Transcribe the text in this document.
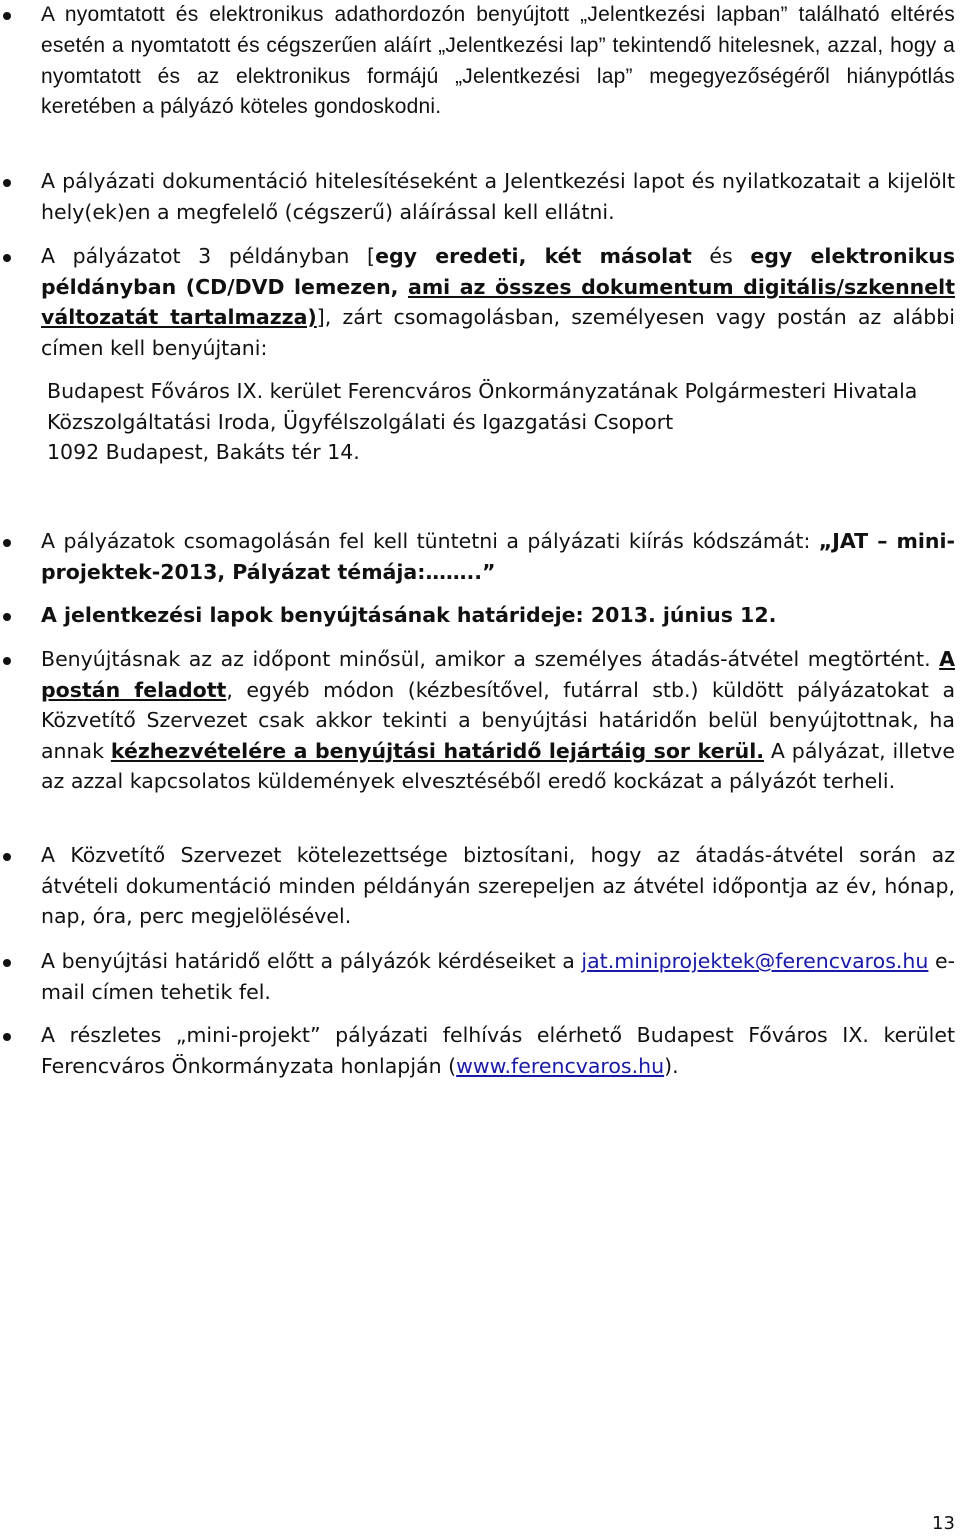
A nyomtatott és elektronikus adathordozón benyújtott „Jelentkezési lapban” található eltérés esetén a nyomtatott és cégszerűen aláírt „Jelentkezési lap” tekintendő hitelesnek, azzal, hogy a nyomtatott és az elektronikus formájú „Jelentkezési lap” megegyezőségéről hiánypótlás keretében a pályázó köteles gondoskodni.
A pályázati dokumentáció hitelesítéseként a Jelentkezési lapot és nyilatkozatait a kijelölt hely(ek)en a megfelelő (cégszerű) aláírással kell ellátni.
A pályázatot 3 példányban [egy eredeti, két másolat és egy elektronikus példányban (CD/DVD lemezen, ami az összes dokumentum digitális/szkennelt változatát tartalmazza)], zárt csomagolásban, személyesen vagy postán az alábbi címen kell benyújtani:
Budapest Főváros IX. kerület Ferencváros Önkormányzatának Polgármesteri Hivatala
Közszolgáltatási Iroda, Ügyfélszolgálati és Igazgatási Csoport
1092 Budapest, Bakáts tér 14.
A pályázatok csomagolásán fel kell tüntetni a pályázati kiírás kódszámát: „JAT – mini-projektek-2013, Pályázat témája:……..”
A jelentkezési lapok benyújtásának határideje: 2013. június 12.
Benyújtásnak az az időpont minősül, amikor a személyes átadás-átvétel megtörtént. A postán feladott, egyéb módon (kézbesítővel, futárral stb.) küldött pályázatokat a Közvetítő Szervezet csak akkor tekinti a benyújtási határidőn belül benyújtottnak, ha annak kézhezvételére a benyújtási határidő lejártáig sor kerül. A pályázat, illetve az azzal kapcsolatos küldemények elvesztéséből eredő kockázat a pályázót terheli.
A Közvetítő Szervezet kötelezettsége biztosítani, hogy az átadás-átvétel során az átvételi dokumentáció minden példányán szerepeljen az átvétel időpontja az év, hónap, nap, óra, perc megjelölésével.
A benyújtási határidő előtt a pályázók kérdéseiket a jat.miniprojektek@ferencvaros.hu e-mail címen tehetik fel.
A részletes „mini-projekt” pályázati felhívás elérhető Budapest Főváros IX. kerület Ferencváros Önkormányzata honlapján (www.ferencvaros.hu).
13
